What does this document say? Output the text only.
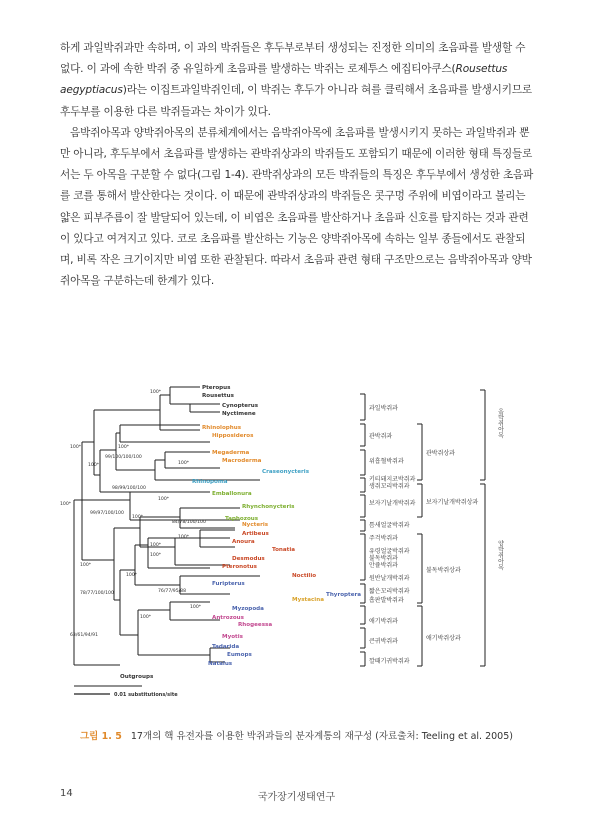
하게 과일박쥐과만 속하며, 이 과의 박쥐들은 후두부로부터 생성되는 진정한 의미의 초음파를 발생할 수 없다. 이 과에 속한 박쥐 중 유일하게 초음파를 발생하는 박쥐는 로제투스 에집티아쿠스(Rousettus aegyptiacus)라는 이집트과일박쥐인데, 이 박쥐는 후두가 아니라 혀를 클릭해서 초음파를 발생시키므로 후두부를 이용한 다른 박쥐들과는 차이가 있다.

음박쥐아목과 양박쥐아목의 분류체계에서는 음박쥐아목에 초음파를 발생시키지 못하는 과일박쥐과 뿐만 아니라, 후두부에서 초음파를 발생하는 관박쥐상과의 박쥐들도 포함되기 때문에 이러한 형태 특징들로서는 두 아목을 구분할 수 없다(그림 1-4). 관박쥐상과의 모든 박쥐들의 특징은 후두부에서 생성한 초음파를 코를 통해서 발산한다는 것이다. 이 때문에 관박쥐상과의 박쥐들은 콧구멍 주위에 비엽이라고 불리는 얇은 피부주름이 잘 발달되어 있는데, 이 비엽은 초음파를 발산하거나 초음파 신호를 탐지하는 것과 관련이 있다고 여겨지고 있다. 코로 초음파를 발산하는 기능은 양박쥐아목에 속하는 일부 종들에서도 관찰되며, 비록 작은 크기이지만 비엽 또한 관찰된다. 따라서 초음파 관련 형태 구조만으로는 음박쥐아목과 양박쥐아목을 구분하는데 한계가 있다.

Pteropus
Rousettus
Cynopterus
Nyctimene
Rhinolophus
Hipposideros
Megaderma
Macroderma
Craseonycteris
Rhinopoma
Emballonura
Rhynchonycteris
Taphozous
Nycteris
Artibeus
Anoura
Tonatia
Desmodus
Pteronotus
Noctilio
Furipterus
Thyroptera
Mystacina
Myzopoda
Antrozous
Rhogeessa
Myotis
Tadarida
Eumops
Natalus
Outgroups
100*
100*	100*
100*
99/100/100/100
100*
100*
99/97/100/100
98/99/100/100
100*
100*
84/78/100/100
100*
100*
100*
100*
100*
76/77/95/88
78/77/100/100
63/61/94/91
100*
100*
0.01 substitutions/site
과일박쥐과
관박쥐과
위흡혈박쥐과
키티돼지코박쥐과
생쥐꼬리박쥐과
보자기날개박쥐과
틈새얼굴박쥐과
주걱박쥐과
유령얼굴박쥐과
불독박쥐과
안쥴박쥐과
원반날개박쥐과
짧은꼬리박쥐과
흡판발박쥐과
애기박쥐과
큰귀박쥐과
깔때기귀박쥐과
관박쥐상과
보자기날개박쥐상과
불독박쥐상과
애기박쥐상과
음박쥐아목
양박쥐아목
그림 1. 5 17개의 핵 유전자를 이용한 박쥐과들의 분자계통의 재구성 (자료출처: Teeling et al. 2005)
14	국가장기생태연구
